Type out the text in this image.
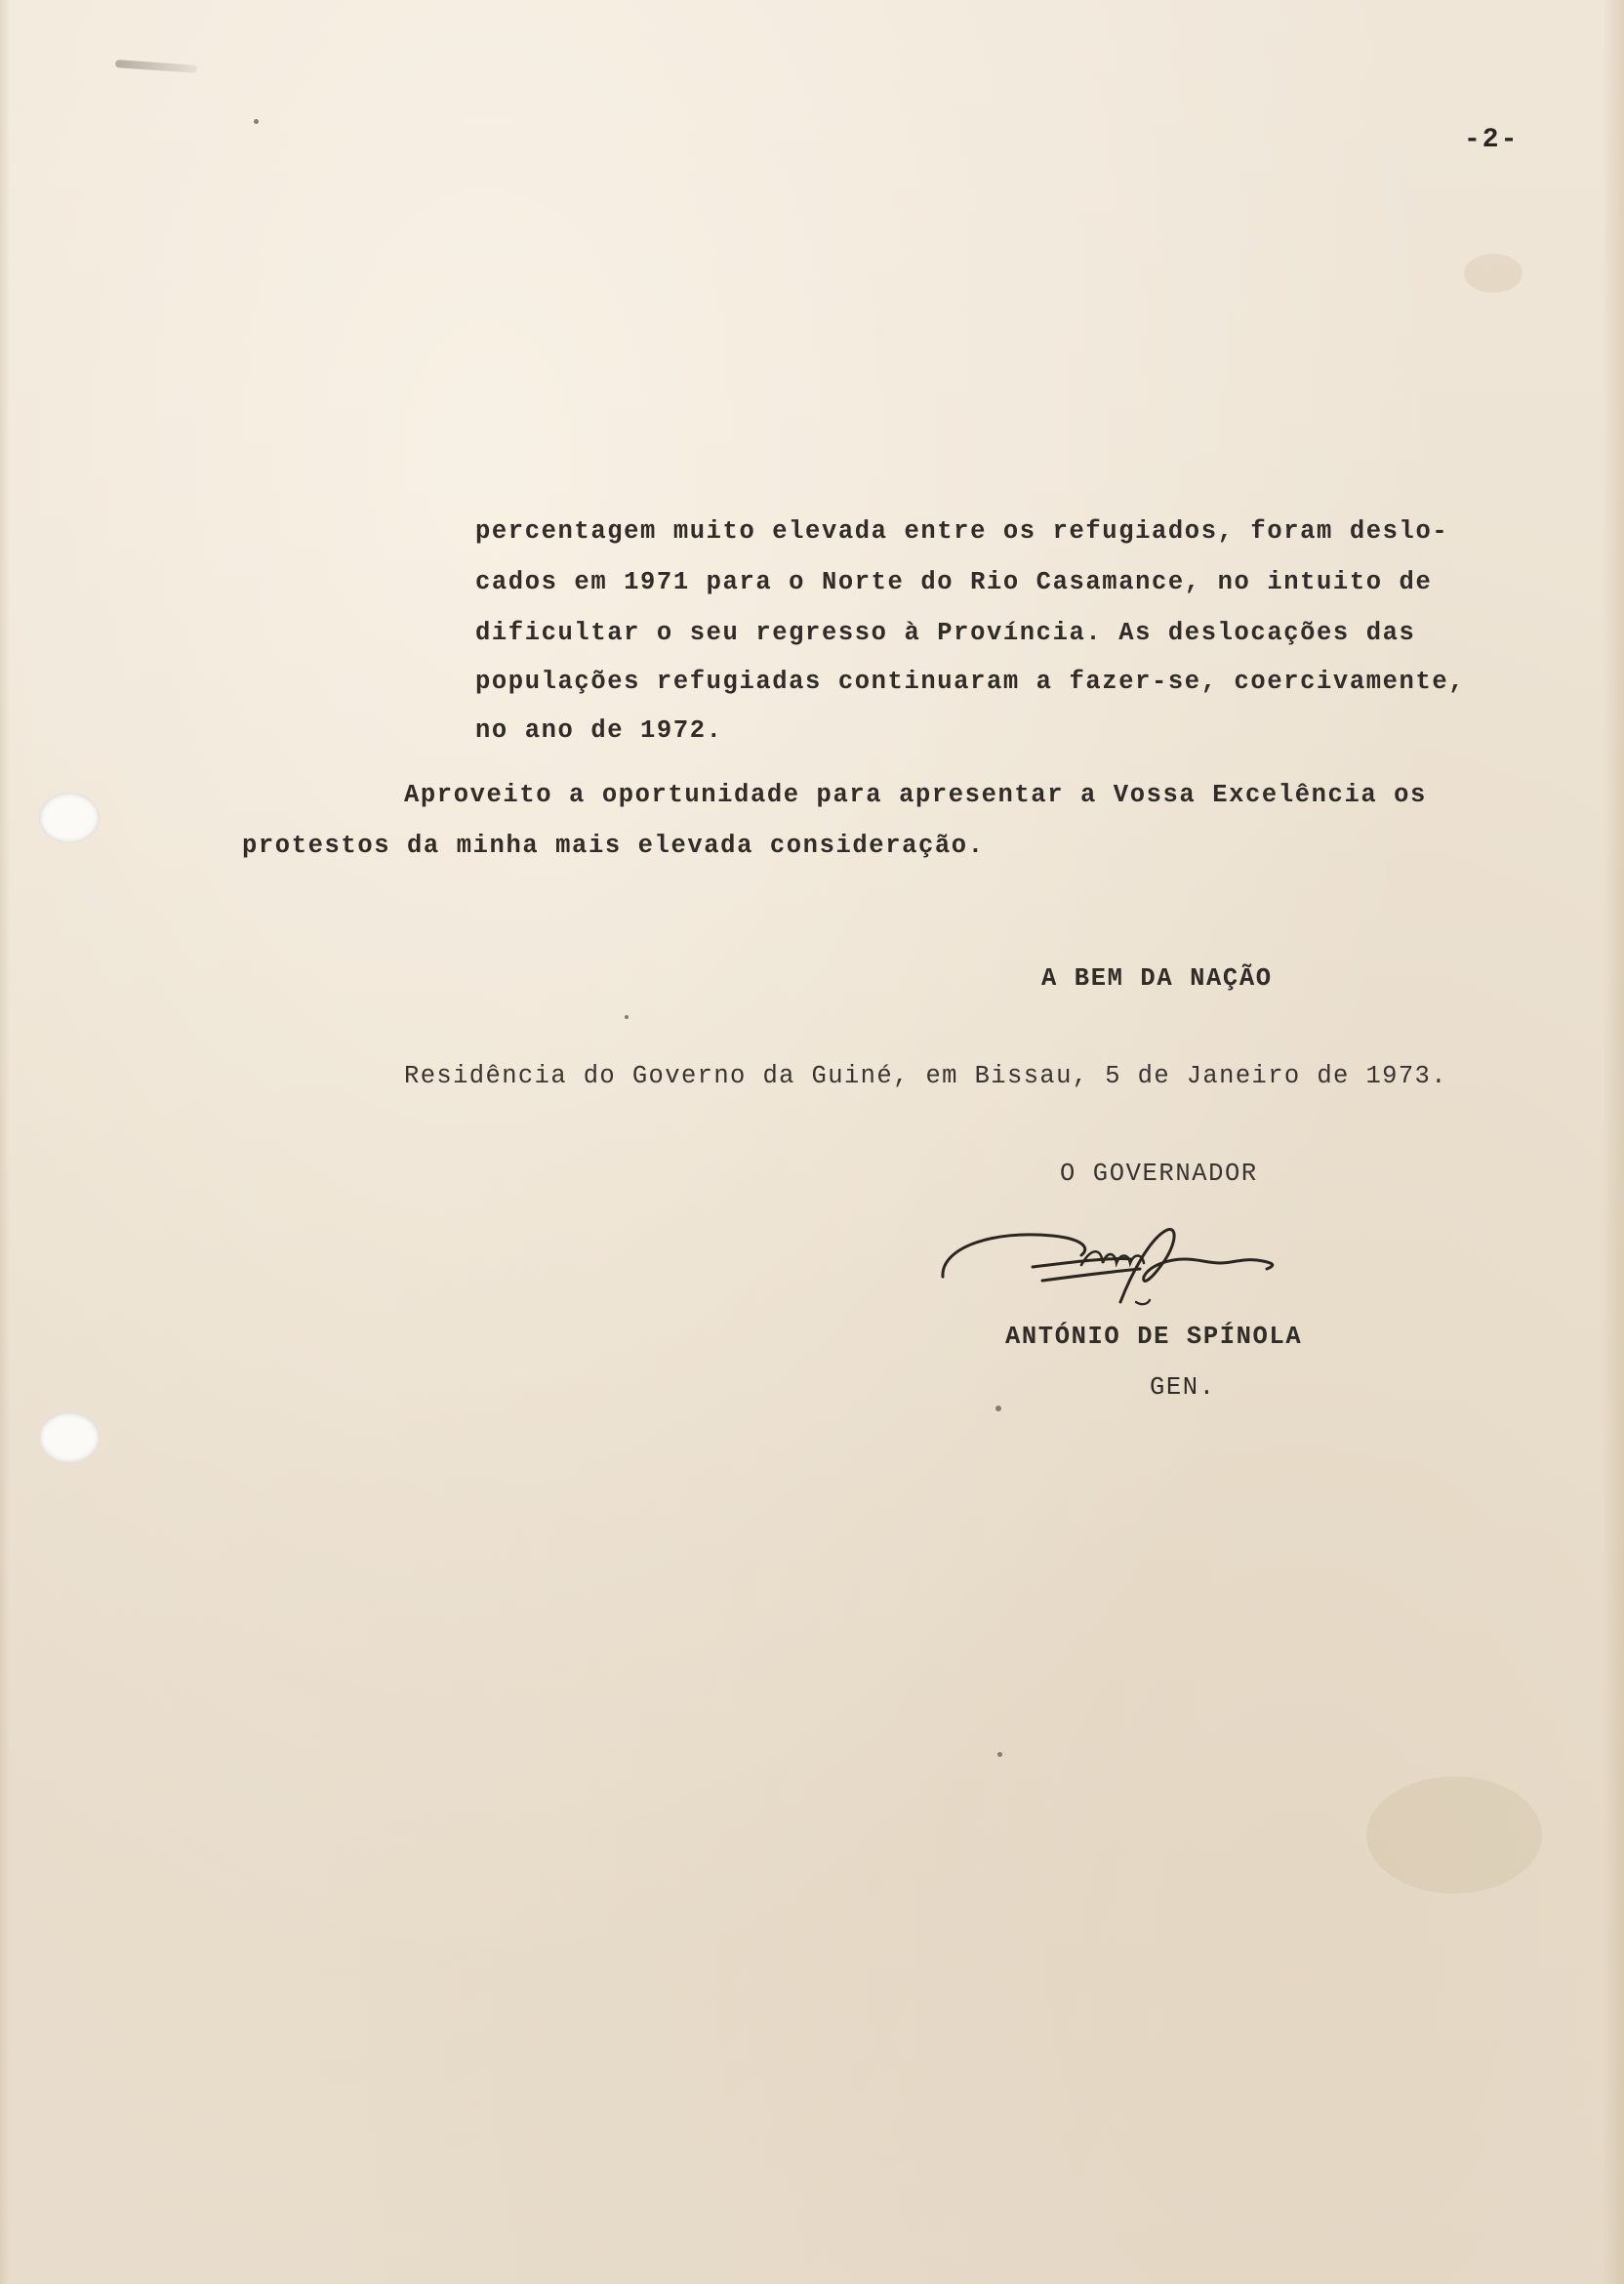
-2-
percentagem muito elevada entre os refugiados, foram deslo-
cados em 1971 para o Norte do Rio Casamance, no intuito de
dificultar o seu regresso à Província. As deslocações das
populações refugiadas continuaram a fazer-se, coercivamente,
no ano de 1972.
Aproveito a oportunidade para apresentar a Vossa Excelência os
protestos da minha mais elevada consideração.
A BEM DA NAÇÃO
Residência do Governo da Guiné, em Bissau, 5 de Janeiro de 1973.
O GOVERNADOR
ANTÓNIO DE SPÍNOLA
GEN.
